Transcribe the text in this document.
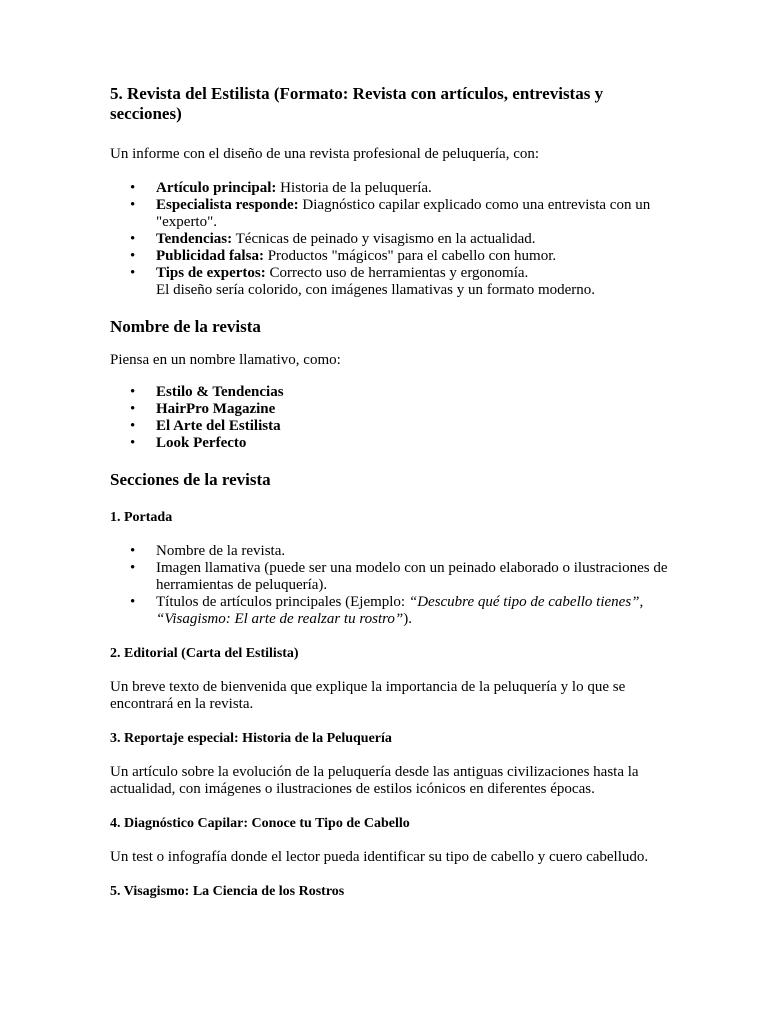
5. Revista del Estilista (Formato: Revista con artículos, entrevistas y secciones)

Un informe con el diseño de una revista profesional de peluquería, con:

• Artículo principal: Historia de la peluquería.
• Especialista responde: Diagnóstico capilar explicado como una entrevista con un "experto".
• Tendencias: Técnicas de peinado y visagismo en la actualidad.
• Publicidad falsa: Productos "mágicos" para el cabello con humor.
• Tips de expertos: Correcto uso de herramientas y ergonomía.
El diseño sería colorido, con imágenes llamativas y un formato moderno.
Nombre de la revista

Piensa en un nombre llamativo, como:

• Estilo & Tendencias
• HairPro Magazine
• El Arte del Estilista
• Look Perfecto
Secciones de la revista
1. Portada
• Nombre de la revista.
• Imagen llamativa (puede ser una modelo con un peinado elaborado o ilustraciones de herramientas de peluquería).
• Títulos de artículos principales (Ejemplo: “Descubre qué tipo de cabello tienes”, “Visagismo: El arte de realzar tu rostro”).
2. Editorial (Carta del Estilista)

Un breve texto de bienvenida que explique la importancia de la peluquería y lo que se encontrará en la revista.

3. Reportaje especial: Historia de la Peluquería

Un artículo sobre la evolución de la peluquería desde las antiguas civilizaciones hasta la actualidad, con imágenes o ilustraciones de estilos icónicos en diferentes épocas.

4. Diagnóstico Capilar: Conoce tu Tipo de Cabello

Un test o infografía donde el lector pueda identificar su tipo de cabello y cuero cabelludo.

5. Visagismo: La Ciencia de los Rostros
